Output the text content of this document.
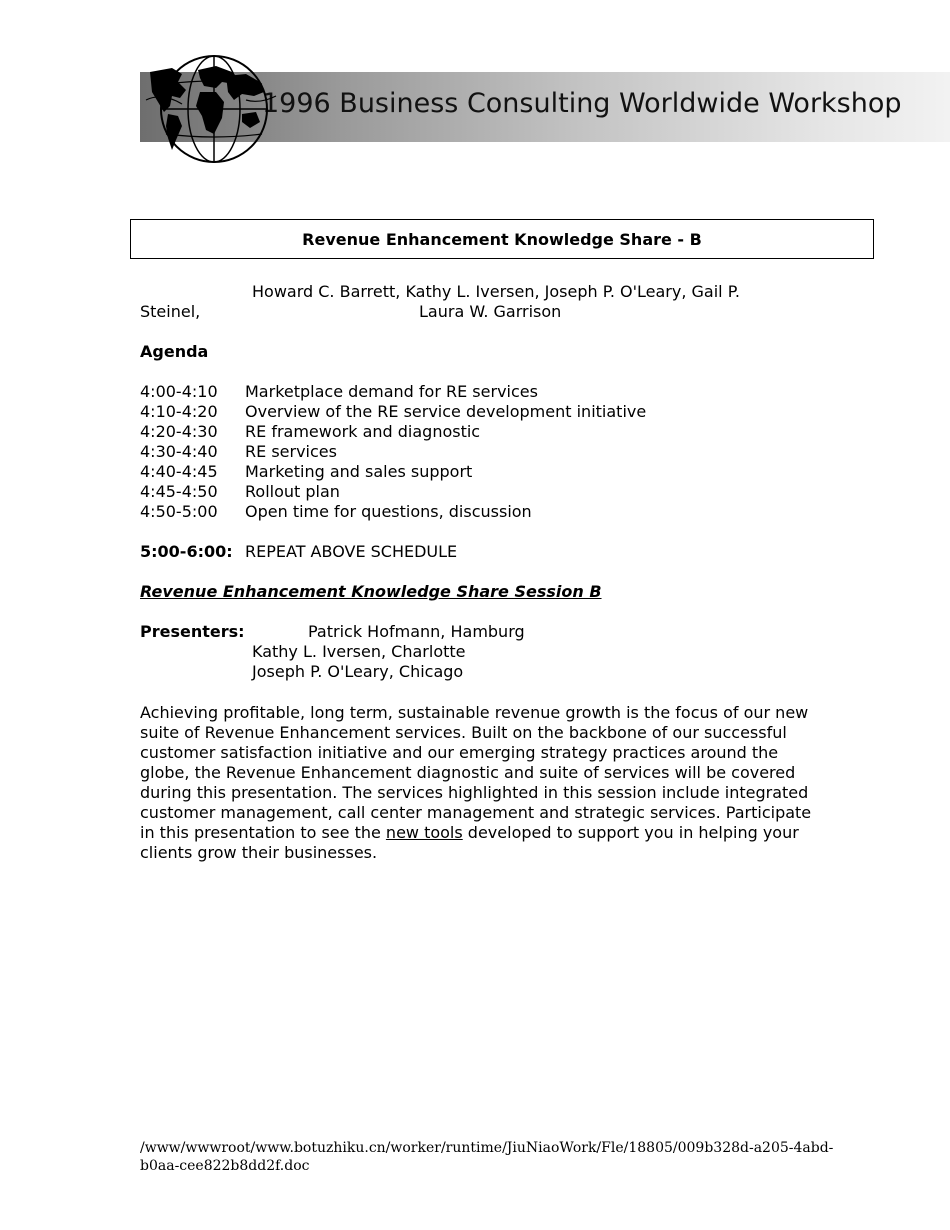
1996 Business Consulting Worldwide Workshop
Revenue Enhancement Knowledge Share - B
Howard C. Barrett, Kathy L. Iversen, Joseph P. O'Leary, Gail P.
Steinel,	Laura W. Garrison
Agenda
4:00-4:10 Marketplace demand for RE services
4:10-4:20 Overview of the RE service development initiative
4:20-4:30 RE framework and diagnostic
4:30-4:40 RE services
4:40-4:45 Marketing and sales support
4:45-4:50 Rollout plan
4:50-5:00 Open time for questions, discussion
5:00-6:00: REPEAT ABOVE SCHEDULE
Revenue Enhancement Knowledge Share Session B
Presenters:	Patrick Hofmann, Hamburg
Kathy L. Iversen, Charlotte
Joseph P. O'Leary, Chicago
Achieving profitable, long term, sustainable revenue growth is the focus of our new suite of Revenue Enhancement services. Built on the backbone of our successful customer satisfaction initiative and our emerging strategy practices around the globe, the Revenue Enhancement diagnostic and suite of services will be covered during this presentation. The services highlighted in this session include integrated customer management, call center management and strategic services. Participate in this presentation to see the new tools developed to support you in helping your clients grow their businesses.
/www/wwwroot/www.botuzhiku.cn/worker/runtime/JiuNiaoWork/Fle/18805/009b328d-a205-4abd-b0aa-cee822b8dd2f.doc
